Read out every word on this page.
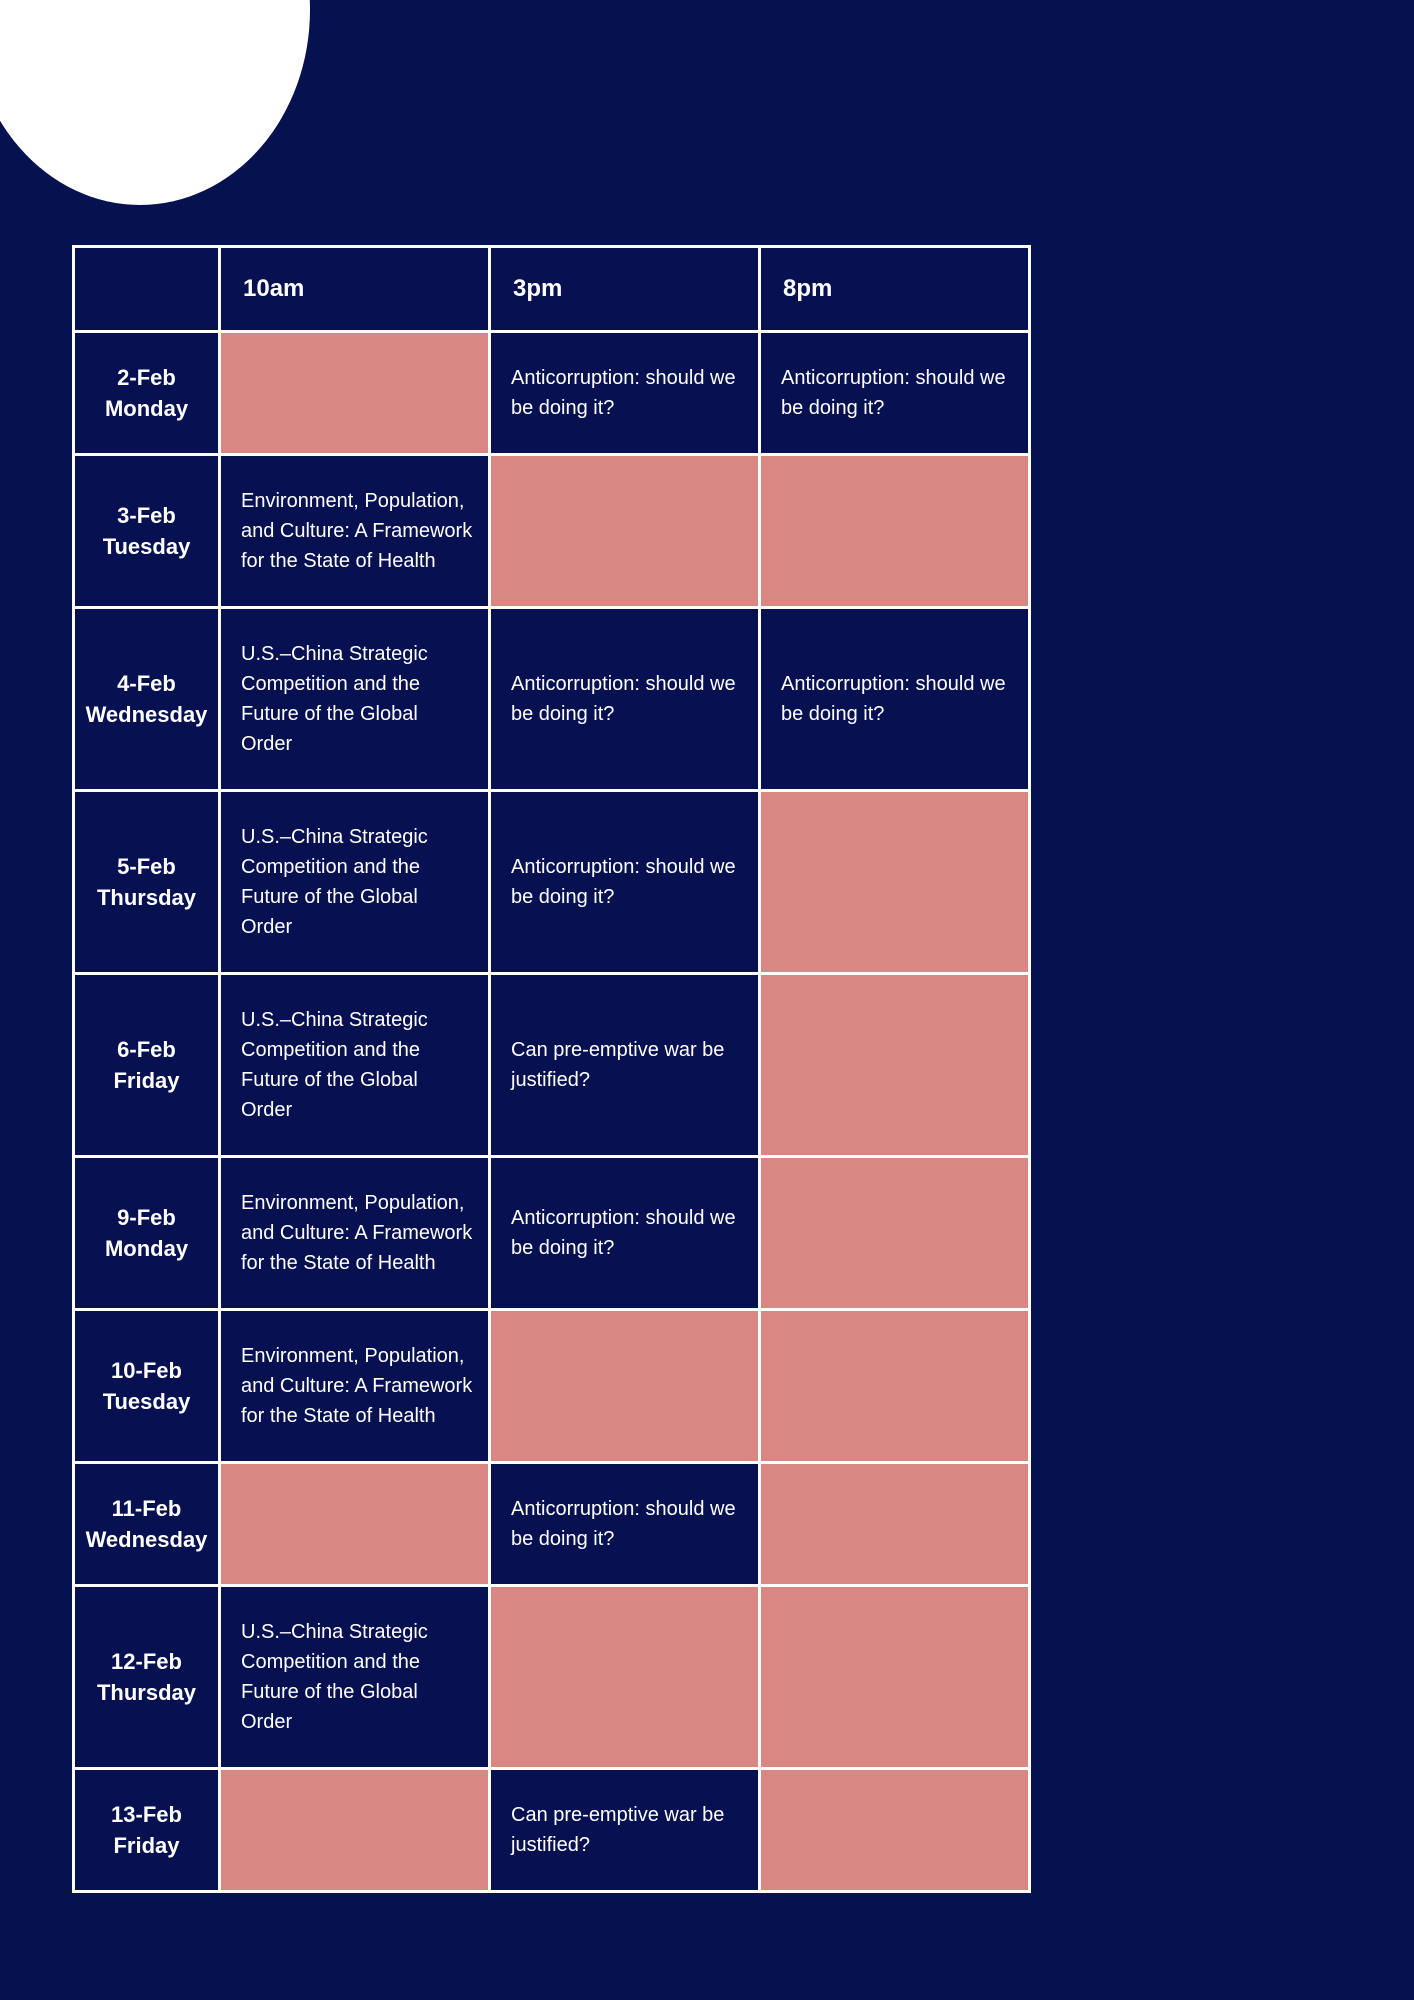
	10am	3pm	8pm

2-Feb
Monday		Anticorruption: should we be doing it?	Anticorruption: should we be doing it?

3-Feb
Tuesday	Environment, Population, and Culture: A Framework for the State of Health		

4-Feb
Wednesday	U.S.–China Strategic Competition and the Future of the Global Order	Anticorruption: should we be doing it?	Anticorruption: should we be doing it?

5-Feb
Thursday	U.S.–China Strategic Competition and the Future of the Global Order	Anticorruption: should we be doing it?	

6-Feb
Friday	U.S.–China Strategic Competition and the Future of the Global Order	Can pre-emptive war be justified?	

9-Feb
Monday	Environment, Population, and Culture: A Framework for the State of Health	Anticorruption: should we be doing it?	

10-Feb
Tuesday	Environment, Population, and Culture: A Framework for the State of Health		

11-Feb
Wednesday		Anticorruption: should we be doing it?	

12-Feb
Thursday	U.S.–China Strategic Competition and the Future of the Global Order		

13-Feb
Friday		Can pre-emptive war be justified?	
